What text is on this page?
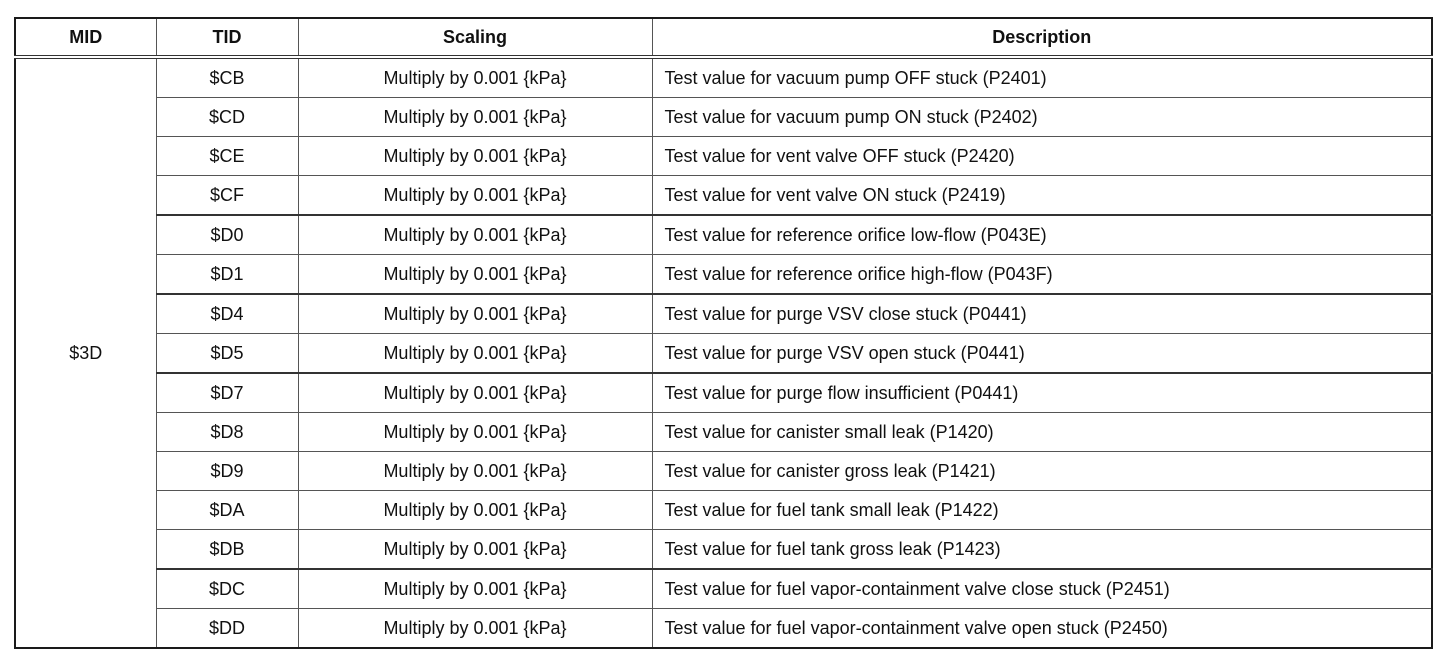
MID	TID	Scaling	Description
$3D	$CB	Multiply by 0.001 {kPa}	Test value for vacuum pump OFF stuck (P2401)
	$CD	Multiply by 0.001 {kPa}	Test value for vacuum pump ON stuck (P2402)
	$CE	Multiply by 0.001 {kPa}	Test value for vent valve OFF stuck (P2420)
	$CF	Multiply by 0.001 {kPa}	Test value for vent valve ON stuck (P2419)
	$D0	Multiply by 0.001 {kPa}	Test value for reference orifice low-flow (P043E)
	$D1	Multiply by 0.001 {kPa}	Test value for reference orifice high-flow (P043F)
	$D4	Multiply by 0.001 {kPa}	Test value for purge VSV close stuck (P0441)
	$D5	Multiply by 0.001 {kPa}	Test value for purge VSV open stuck (P0441)
	$D7	Multiply by 0.001 {kPa}	Test value for purge flow insufficient (P0441)
	$D8	Multiply by 0.001 {kPa}	Test value for canister small leak (P1420)
	$D9	Multiply by 0.001 {kPa}	Test value for canister gross leak (P1421)
	$DA	Multiply by 0.001 {kPa}	Test value for fuel tank small leak (P1422)
	$DB	Multiply by 0.001 {kPa}	Test value for fuel tank gross leak (P1423)
	$DC	Multiply by 0.001 {kPa}	Test value for fuel vapor-containment valve close stuck (P2451)
	$DD	Multiply by 0.001 {kPa}	Test value for fuel vapor-containment valve open stuck (P2450)
